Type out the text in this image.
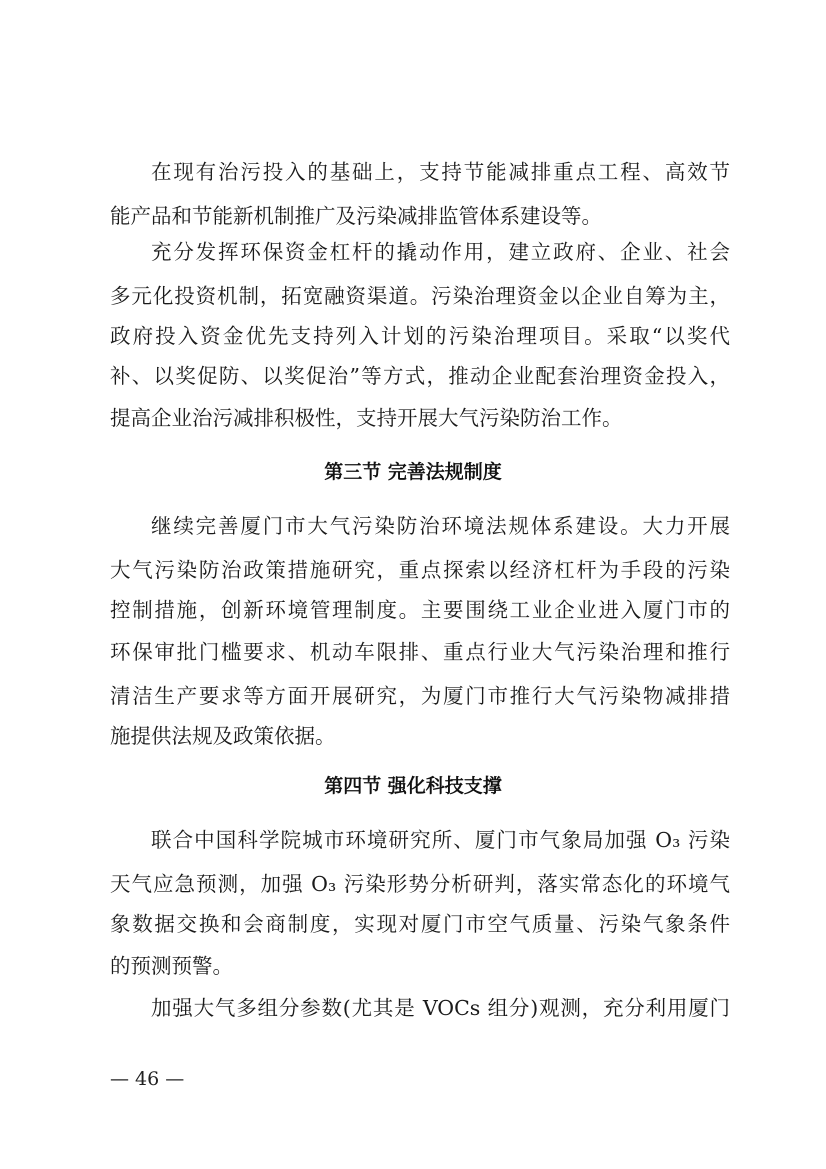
在现有治污投入的基础上，支持节能减排重点工程、高效节
能产品和节能新机制推广及污染减排监管体系建设等。
充分发挥环保资金杠杆的撬动作用，建立政府、企业、社会
多元化投资机制，拓宽融资渠道。污染治理资金以企业自筹为主，
政府投入资金优先支持列入计划的污染治理项目。采取“以奖代
补、以奖促防、以奖促治”等方式，推动企业配套治理资金投入，
提高企业治污减排积极性，支持开展大气污染防治工作。
第三节 完善法规制度
继续完善厦门市大气污染防治环境法规体系建设。大力开展
大气污染防治政策措施研究，重点探索以经济杠杆为手段的污染
控制措施，创新环境管理制度。主要围绕工业企业进入厦门市的
环保审批门槛要求、机动车限排、重点行业大气污染治理和推行
清洁生产要求等方面开展研究，为厦门市推行大气污染物减排措
施提供法规及政策依据。
第四节 强化科技支撑
联合中国科学院城市环境研究所、厦门市气象局加强 O₃ 污染
天气应急预测，加强 O₃ 污染形势分析研判，落实常态化的环境气
象数据交换和会商制度，实现对厦门市空气质量、污染气象条件
的预测预警。
加强大气多组分参数(尤其是 VOCs 组分)观测，充分利用厦门
— 46 —
